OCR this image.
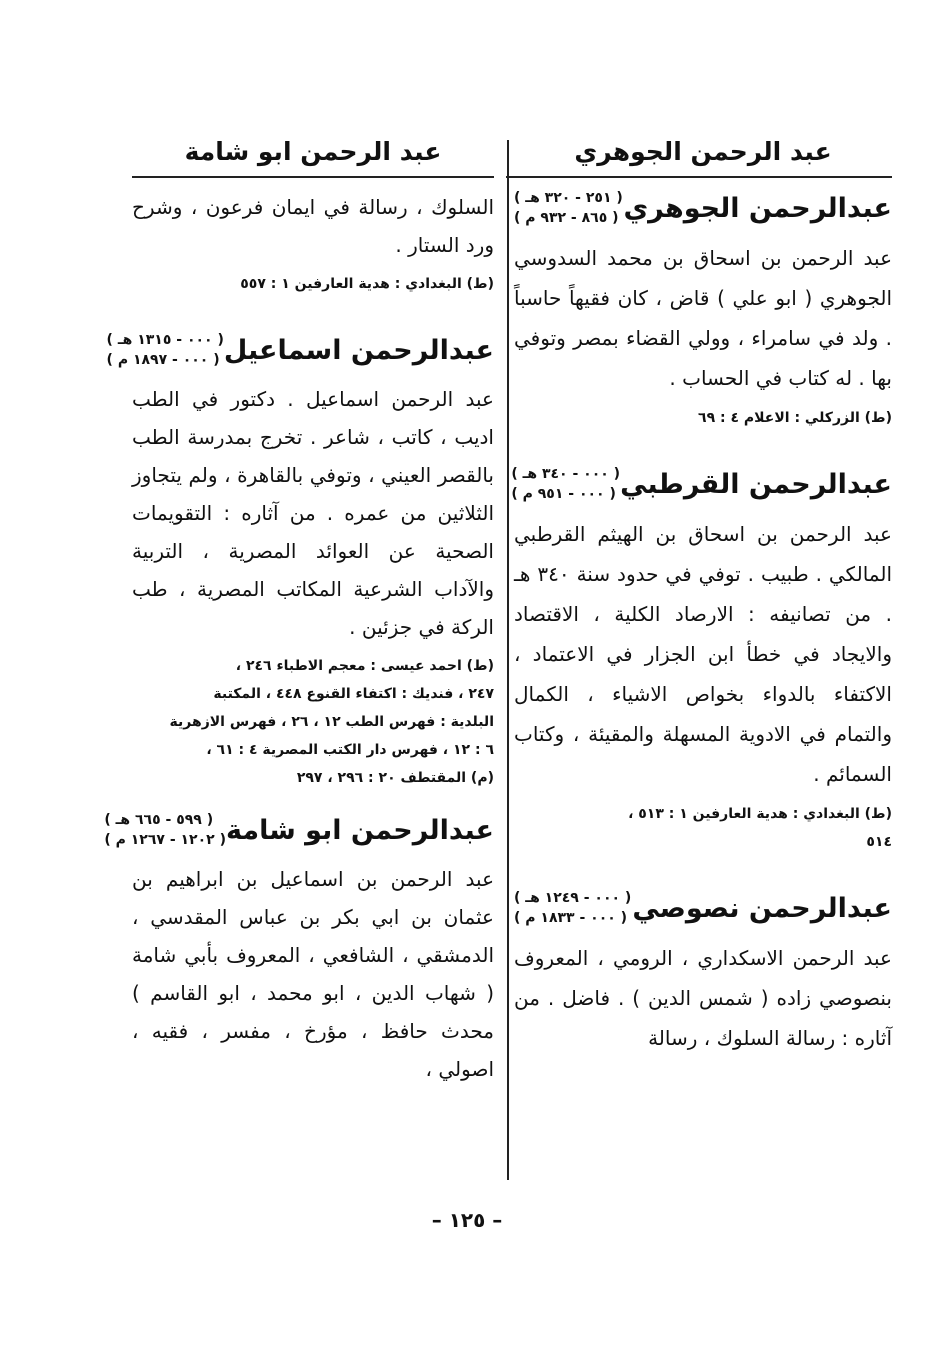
عبد الرحمن الجوهري
عبدالرحمن الجوهري
( ٢٥١ - ٣٢٠ هـ )
( ٨٦٥ - ٩٣٢ م )
عبد الرحمن بن اسحاق بن محمد السدوسي الجوهري ( ابو علي ) قاض ، كان فقيهاً حاسباً . ولد في سامراء ، وولي القضاء بمصر وتوفي بها . له كتاب في الحساب .
(ط) الزركلي : الاعلام ٤ : ٦٩
عبدالرحمن القرطبي
( ٠٠٠ - ٣٤٠ هـ )
( ٠٠٠ - ٩٥١ م )
عبد الرحمن بن اسحاق بن الهيثم القرطبي المالكي . طبيب . توفي في حدود سنة ٣٤٠ هـ . من تصانيفه : الارصاد الكلية ، الاقتصاد والايجاد في خطأ ابن الجزار في الاعتماد ، الاكتفاء بالدواء بخواص الاشياء ، الكمال والتمام في الادوية المسهلة والمقيئة ، وكتاب السمائم .
(ط) البغدادي : هدية العارفين ١ : ٥١٣ ،
٥١٤
عبدالرحمن نصوصي
( ٠٠٠ - ١٢٤٩ هـ )
( ٠٠٠ - ١٨٣٣ م )
عبد الرحمن الاسكداري ، الرومي ، المعروف بنصوصي زاده ( شمس الدين ) . فاضل . من آثاره : رسالة السلوك ، رسالة
عبد الرحمن ابو شامة
السلوك ، رسالة في ايمان فرعون ، وشرح ورد الستار .
(ط) البغدادي : هدية العارفين ١ : ٥٥٧
عبدالرحمن اسماعيل
( ٠٠٠ - ١٣١٥ هـ )
( ٠٠٠ - ١٨٩٧ م )
عبد الرحمن اسماعيل . دكتور في الطب اديب ، كاتب ، شاعر . تخرج بمدرسة الطب بالقصر العيني ، وتوفي بالقاهرة ، ولم يتجاوز الثلاثين من عمره . من آثاره : التقويمات الصحية عن العوائد المصرية ، التربية والآداب الشرعية المكاتب المصرية ، طب الركة في جزئين .
(ط) احمد عيسى : معجم الاطباء ٢٤٦ ،
٢٤٧ ، فنديك : اكتفاء القنوع ٤٤٨ ، المكتبة
البلدية : فهرس الطب ١٢ ، ٢٦ ، فهرس الازهرية
٦ : ١٢ ، فهرس دار الكتب المصرية ٤ : ٦١ ،
(م) المقتطف ٢٠ : ٢٩٦ ، ٢٩٧
عبدالرحمن ابو شامة
( ٥٩٩ - ٦٦٥ هـ )
( ١٢٠٢ - ١٢٦٧ م )
عبد الرحمن بن اسماعيل بن ابراهيم بن عثمان بن ابي بكر بن عباس المقدسي ، الدمشقي ، الشافعي ، المعروف بأبي شامة ( شهاب الدين ، ابو محمد ، ابو القاسم ) محدث حافظ ، مؤرخ ، مفسر ، فقيه ، اصولي ،
– ١٢٥ –
